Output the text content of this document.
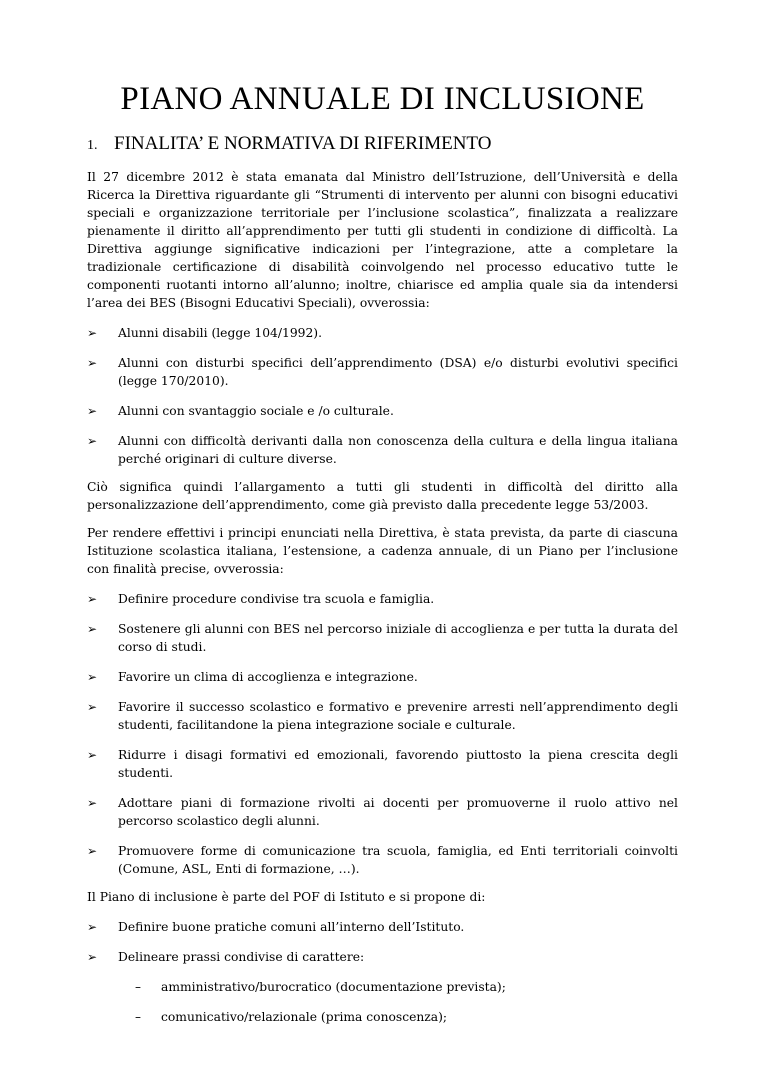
PIANO ANNUALE DI INCLUSIONE
1. FINALITA’ E NORMATIVA DI RIFERIMENTO

Il 27 dicembre 2012 è stata emanata dal Ministro dell’Istruzione, dell’Università e della Ricerca la Direttiva riguardante gli “Strumenti di intervento per alunni con bisogni educativi speciali e organizzazione territoriale per l’inclusione scolastica”, finalizzata a realizzare pienamente il diritto all’apprendimento per tutti gli studenti in condizione di difficoltà. La Direttiva aggiunge significative indicazioni per l’integrazione, atte a completare la tradizionale certificazione di disabilità coinvolgendo nel processo educativo tutte le componenti ruotanti intorno all’alunno; inoltre, chiarisce ed amplia quale sia da intendersi l’area dei BES (Bisogni Educativi Speciali), ovverossia:

➢ Alunni disabili (legge 104/1992).
➢ Alunni con disturbi specifici dell’apprendimento (DSA) e/o disturbi evolutivi specifici (legge 170/2010).
➢ Alunni con svantaggio sociale e /o culturale.
➢ Alunni con difficoltà derivanti dalla non conoscenza della cultura e della lingua italiana perché originari di culture diverse.

Ciò significa quindi l’allargamento a tutti gli studenti in difficoltà del diritto alla personalizzazione dell’apprendimento, come già previsto dalla precedente legge 53/2003.

Per rendere effettivi i principi enunciati nella Direttiva, è stata prevista, da parte di ciascuna Istituzione scolastica italiana, l’estensione, a cadenza annuale, di un Piano per l’inclusione con finalità precise, ovverossia:

➢ Definire procedure condivise tra scuola e famiglia.
➢ Sostenere gli alunni con BES nel percorso iniziale di accoglienza e per tutta la durata del corso di studi.
➢ Favorire un clima di accoglienza e integrazione.
➢ Favorire il successo scolastico e formativo e prevenire arresti nell’apprendimento degli studenti, facilitandone la piena integrazione sociale e culturale.
➢ Ridurre i disagi formativi ed emozionali, favorendo piuttosto la piena crescita degli studenti.
➢ Adottare piani di formazione rivolti ai docenti per promuoverne il ruolo attivo nel percorso scolastico degli alunni.
➢ Promuovere forme di comunicazione tra scuola, famiglia, ed Enti territoriali coinvolti (Comune, ASL, Enti di formazione, …).

Il Piano di inclusione è parte del POF di Istituto e si propone di:

➢ Definire buone pratiche comuni all’interno dell’Istituto.
➢ Delineare prassi condivise di carattere:
– amministrativo/burocratico (documentazione prevista);
– comunicativo/relazionale (prima conoscenza);
